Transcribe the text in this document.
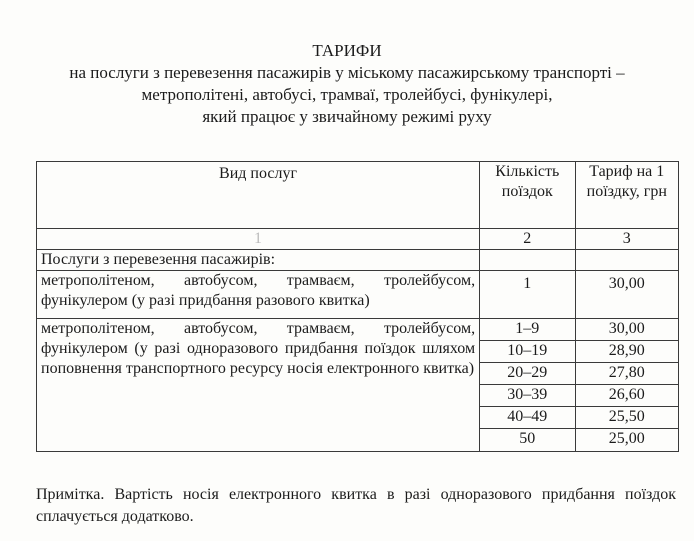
ТАРИФИ
на послуги з перевезення пасажирів у міському пасажирському транспорті –
метрополітені, автобусі, трамваї, тролейбусі, фунікулері,
який працює у звичайному режимі руху
Вид послуг	Кількість поїздок	Тариф на 1 поїздку, грн
1	2	3
Послуги з перевезення пасажирів:		
метрополітеном, автобусом, трамваєм, тролейбусом, фунікулером (у разі придбання разового квитка)	1	30,00
метрополітеном, автобусом, трамваєм, тролейбусом, фунікулером (у разі одноразового придбання поїздок шляхом поповнення транспортного ресурсу носія електронного квитка)	1–9	30,00
	10–19	28,90
	20–29	27,80
	30–39	26,60
	40–49	25,50
	50	25,00
Примітка. Вартість носія електронного квитка в разі одноразового придбання поїздок сплачується додатково.
